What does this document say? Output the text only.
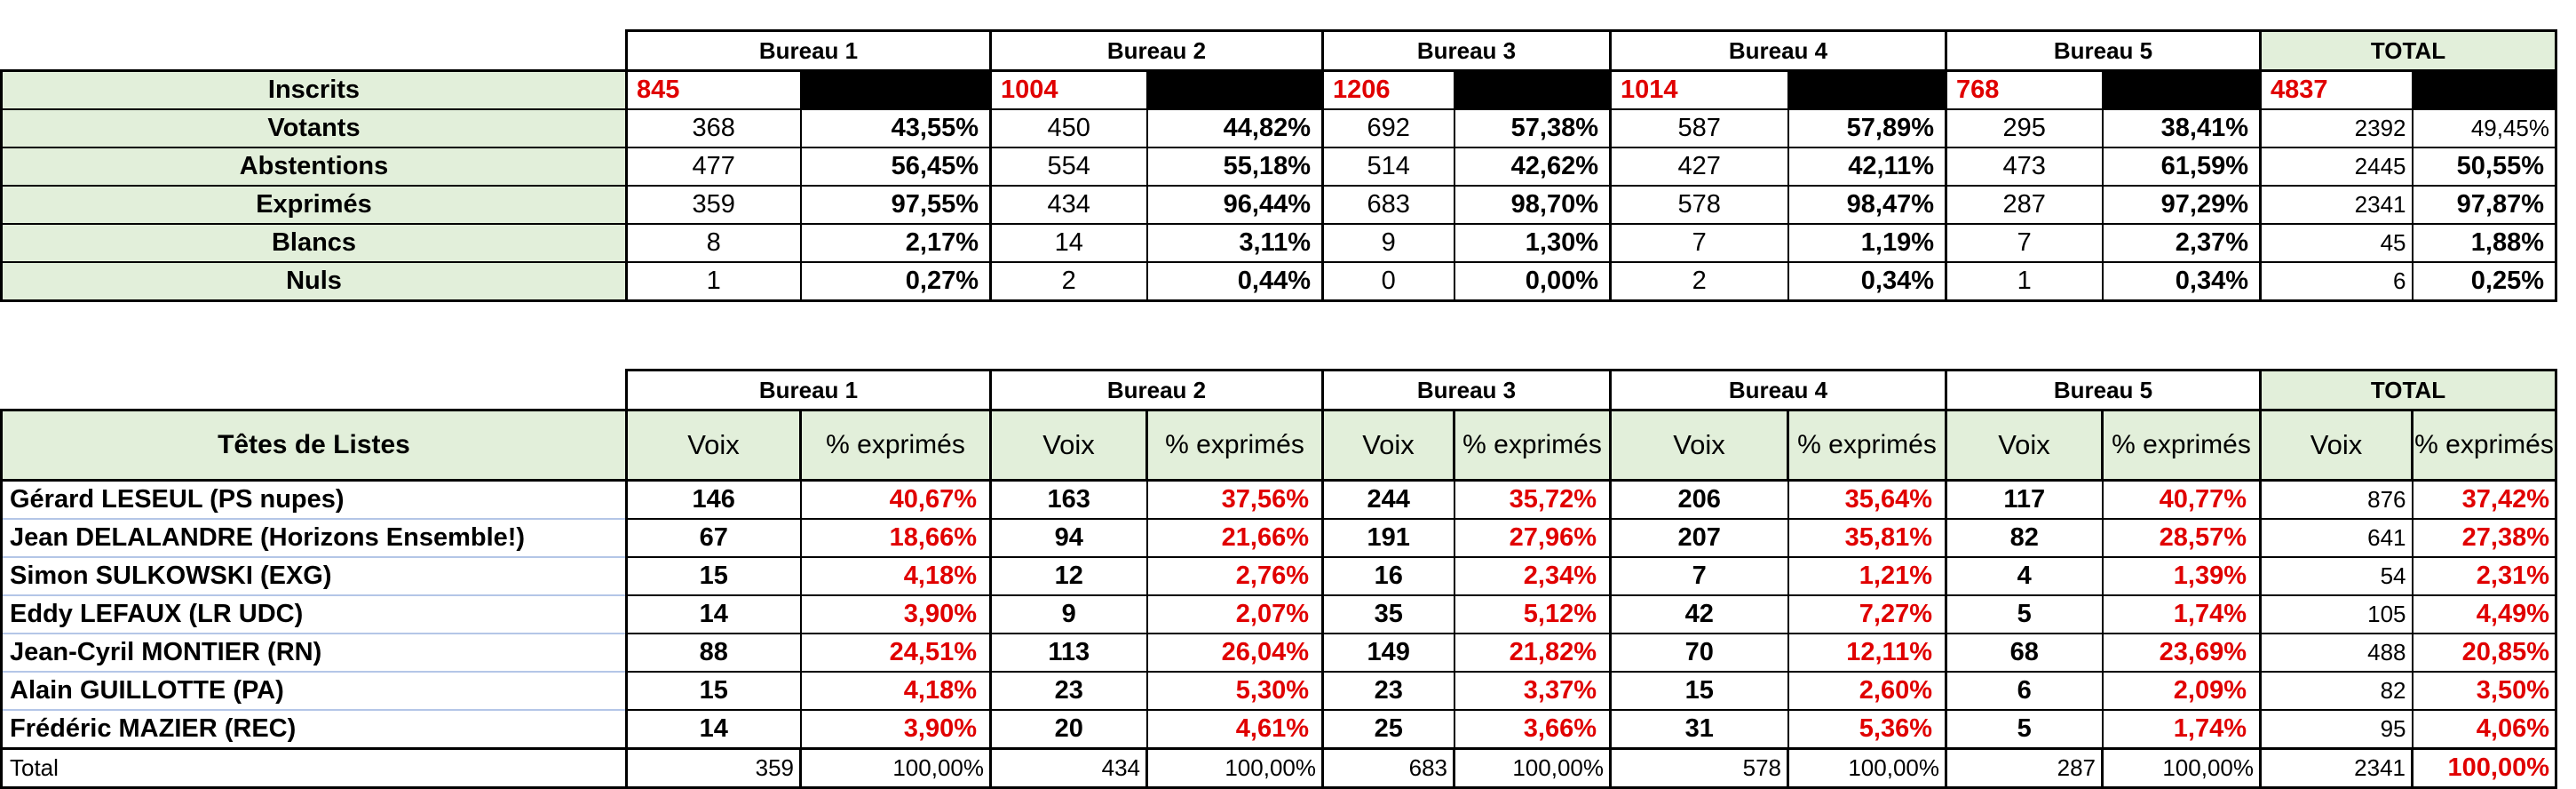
	Bureau 1		Bureau 2		Bureau 3		Bureau 4		Bureau 5		TOTAL	
Inscrits	845		1004		1206		1014		768		4837	
Votants	368	43,55%	450	44,82%	692	57,38%	587	57,89%	295	38,41%	2392	49,45%
Abstentions	477	56,45%	554	55,18%	514	42,62%	427	42,11%	473	61,59%	2445	50,55%
Exprimés	359	97,55%	434	96,44%	683	98,70%	578	98,47%	287	97,29%	2341	97,87%
Blancs	8	2,17%	14	3,11%	9	1,30%	7	1,19%	7	2,37%	45	1,88%
Nuls	1	0,27%	2	0,44%	0	0,00%	2	0,34%	1	0,34%	6	0,25%
	Bureau 1		Bureau 2		Bureau 3		Bureau 4		Bureau 5		TOTAL	
Têtes de Listes	Voix	% exprimés	Voix	% exprimés	Voix	% exprimés	Voix	% exprimés	Voix	% exprimés	Voix	% exprimés
Gérard LESEUL (PS nupes)	146	40,67%	163	37,56%	244	35,72%	206	35,64%	117	40,77%	876	37,42%
Jean DELALANDRE (Horizons Ensemble!)	67	18,66%	94	21,66%	191	27,96%	207	35,81%	82	28,57%	641	27,38%
Simon SULKOWSKI (EXG)	15	4,18%	12	2,76%	16	2,34%	7	1,21%	4	1,39%	54	2,31%
Eddy LEFAUX (LR UDC)	14	3,90%	9	2,07%	35	5,12%	42	7,27%	5	1,74%	105	4,49%
Jean-Cyril MONTIER (RN)	88	24,51%	113	26,04%	149	21,82%	70	12,11%	68	23,69%	488	20,85%
Alain GUILLOTTE (PA)	15	4,18%	23	5,30%	23	3,37%	15	2,60%	6	2,09%	82	3,50%
Frédéric MAZIER (REC)	14	3,90%	20	4,61%	25	3,66%	31	5,36%	5	1,74%	95	4,06%
Total	359	100,00%	434	100,00%	683	100,00%	578	100,00%	287	100,00%	2341	100,00%
